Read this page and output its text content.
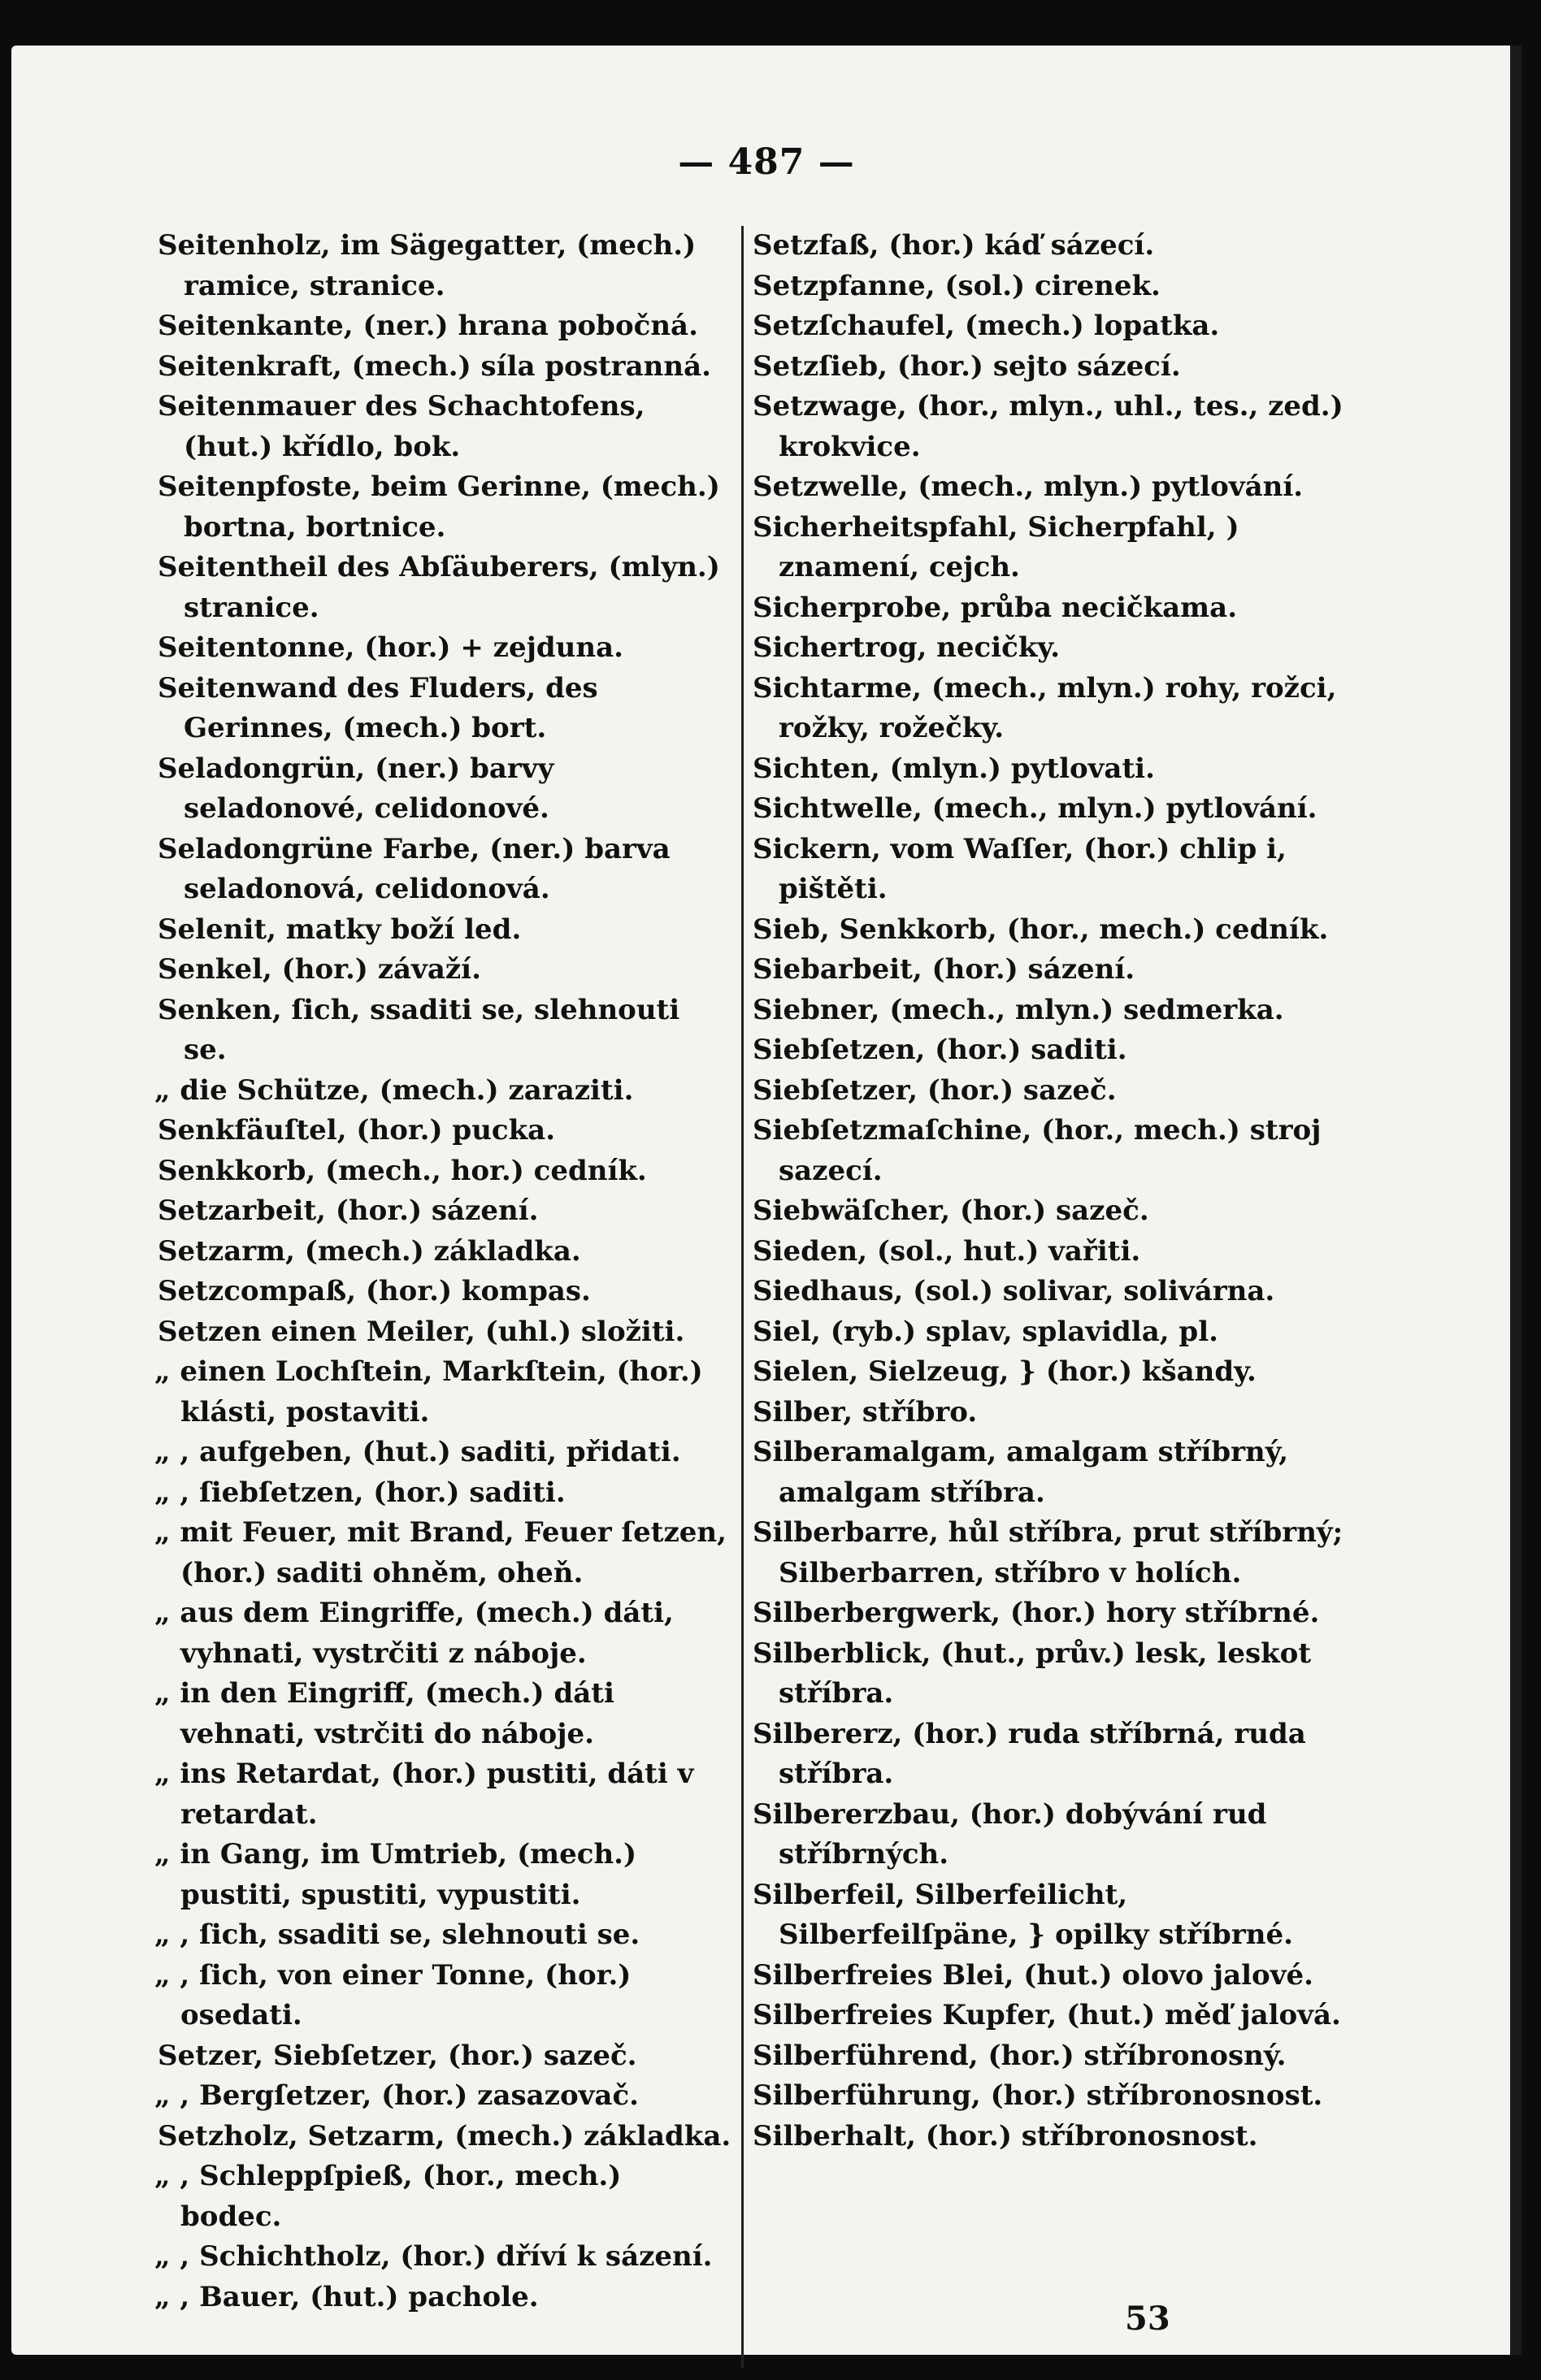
— 487 —

Seitenholz, im Sägegatter, (mech.) ramice, stranice.

Seitenkante, (ner.) hrana pobočná.

Seitenkraft, (mech.) síla postranná.

Seitenmauer des Schachtofens, (hut.) křídlo, bok.

Seitenpfoste, beim Gerinne, (mech.) bortna, bortnice.

Seitentheil des Abſäuberers, (mlyn.) stranice.

Seitentonne, (hor.) + zejduna.

Seitenwand des Fluders, des Gerinnes, (mech.) bort.

Seladongrün, (ner.) barvy seladonové, celidonové.

Seladongrüne Farbe, (ner.) barva seladonová, celidonová.

Selenit, matky boží led.

Senkel, (hor.) závaží.

Senken, ſich, ssaditi se, slehnouti se.

„ die Schütze, (mech.) zaraziti.

Senkfäuſtel, (hor.) pucka.

Senkkorb, (mech., hor.) cedník.

Setzarbeit, (hor.) sázení.

Setzarm, (mech.) základka.

Setzcompaß, (hor.) kompas.

Setzen einen Meiler, (uhl.) složiti.

„ einen Lochſtein, Markſtein, (hor.) klásti, postaviti.

„ , aufgeben, (hut.) saditi, přidati.

„ , ſiebſetzen, (hor.) saditi.

„ mit Feuer, mit Brand, Feuer ſetzen, (hor.) saditi ohněm, oheň.

„ aus dem Eingriffe, (mech.) dáti, vyhnati, vystrčiti z náboje.

„ in den Eingriff, (mech.) dáti vehnati, vstrčiti do náboje.

„ ins Retardat, (hor.) pustiti, dáti v retardat.

„ in Gang, im Umtrieb, (mech.) pustiti, spustiti, vypustiti.

„ , ſich, ssaditi se, slehnouti se.

„ , ſich, von einer Tonne, (hor.) osedati.

Setzer, Siebſetzer, (hor.) sazeč.

„ , Bergſetzer, (hor.) zasazovač.

Setzholz, Setzarm, (mech.) základka.

„ , Schleppſpieß, (hor., mech.) bodec.

„ , Schichtholz, (hor.) dříví k sázení.

„ , Bauer, (hut.) pachole.

Setzfaß, (hor.) káď sázecí.

Setzpfanne, (sol.) cirenek.

Setzſchaufel, (mech.) lopatka.

Setzſieb, (hor.) sejto sázecí.

Setzwage, (hor., mlyn., uhl., tes., zed.) krokvice.

Setzwelle, (mech., mlyn.) pytlování.

Sicherheitspfahl, Sicherpfahl, ) znamení, cejch.

Sicherprobe, průba necičkama.

Sichertrog, necičky.

Sichtarme, (mech., mlyn.) rohy, rožci, rožky, rožečky.

Sichten, (mlyn.) pytlovati.

Sichtwelle, (mech., mlyn.) pytlování.

Sickern, vom Waſſer, (hor.) chlip i, pištěti.

Sieb, Senkkorb, (hor., mech.) cedník.

Siebarbeit, (hor.) sázení.

Siebner, (mech., mlyn.) sedmerka.

Siebſetzen, (hor.) saditi.

Siebſetzer, (hor.) sazeč.

Siebſetzmaſchine, (hor., mech.) stroj sazecí.

Siebwäſcher, (hor.) sazeč.

Sieden, (sol., hut.) vařiti.

Siedhaus, (sol.) solivar, solivárna.

Siel, (ryb.) splav, splavidla, pl.

Sielen, Sielzeug, } (hor.) kšandy.

Silber, stříbro.

Silberamalgam, amalgam stříbrný, amalgam stříbra.

Silberbarre, hůl stříbra, prut stříbrný; Silberbarren, stříbro v holích.

Silberbergwerk, (hor.) hory stříbrné.

Silberblick, (hut., prův.) lesk, leskot stříbra.

Silbererz, (hor.) ruda stříbrná, ruda stříbra.

Silbererzbau, (hor.) dobývání rud stříbrných.

Silberfeil, Silberfeilicht, Silberfeilſpäne, } opilky stříbrné.

Silberfreies Blei, (hut.) olovo jalové.

Silberfreies Kupfer, (hut.) měď jalová.

Silberführend, (hor.) stříbronosný.

Silberführung, (hor.) stříbronosnost.

Silberhalt, (hor.) stříbronosnost.

53
